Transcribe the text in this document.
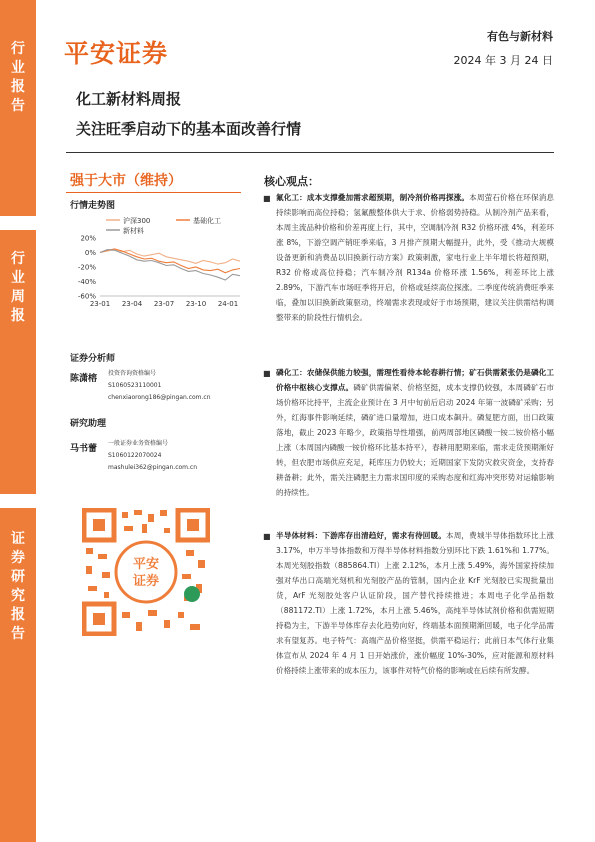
行
业
报
告
行
业
周
报
证
券
研
究
报
告
平安证券
有色与新材料
2024 年 3 月 24 日
化工新材料周报
关注旺季启动下的基本面改善行情
强于大市（维持）
行情走势图
沪深300	基础化工
新材料
20%
0%
-20%
-40%
-60%
23-01 23-04 23-07 23-10 24-01
证券分析师
陈潇榕
投资咨询资格编号
S1060523110001
chenxiaorong186@pingan.com.cn
研究助理
马书蕾
一般证券业务资格编号
S1060122070024
mashulei362@pingan.com.cn
平安
证券
核心观点：
■ 氟化工：成本支撑叠加需求超预期，制冷剂价格再探涨。本周萤石价格在环保消息持续影响而高位持稳；氢氟酸整体供大于求、价格弱势持稳。从制冷剂产品来看，本周主流品种价格和价差再度上行，其中，空调制冷剂 R32 价格环涨 4%，利差环涨 8%，下游空调产销旺季来临，3 月排产预期大幅提升，此外，受《推动大规模设备更新和消费品以旧换新行动方案》政策刺激，家电行业上半年增长将超预期，R32 价格或高位持稳；汽车制冷剂 R134a 价格环涨 1.56%，利差环比上涨 2.89%，下游汽车市场旺季将开启，价格或延续高位探涨。二季度传统消费旺季来临，叠加以旧换新政策驱动，终端需求表现或好于市场预期，建议关注供需结构调整带来的阶段性行情机会。
■ 磷化工：农储保供能力较强，需理性看待本轮春耕行情；矿石供需紧张仍是磷化工价格中枢核心支撑点。磷矿供需偏紧、价格坚挺，成本支撑仍较强，本周磷矿石市场价格环比持平，主流企业预计在 3 月中旬前后启动 2024 年第一波磷矿采购；另外，红海事件影响延续，磷矿进口量增加，进口成本飙升。磷复肥方面，出口政策落地，截止 2023 年略少，政策指导性增强，前两周部地区磷酸一铵二铵价格小幅上涨（本周国内磷酸一铵价格环比基本持平），春耕用肥期来临，需求走货预期渐好转，但农肥市场供应充足，耗库压力仍较大；近期国家下发防灾救灾资金，支持春耕备耕；此外，需关注磷肥主力需求国印度的采购态度和红海冲突形势对运输影响的持续性。
■ 半导体材料：下游库存出清趋好，需求有待回暖。本周，费城半导体指数环比上涨 3.17%，申万半导体指数和万得半导体材料指数分别环比下跌 1.61%和 1.77%。本周光刻胶指数（885864.TI）上涨 2.12%，本月上涨 5.49%，海外国家持续加强对华出口高端光刻机和光刻胶产品的管制，国内企业 KrF 光刻胶已实现批量出货，ArF 光刻胶处客户认证阶段，国产替代持续推进；本周电子化学品指数（881172.TI）上涨 1.72%，本月上涨 5.46%，高纯半导体试剂价格和供需短期持稳为主，下游半导体库存去化趋势向好，终端基本面预期渐回暖，电子化学品需求有望复苏。电子特气：高端产品价格坚挺，供需平稳运行；此前日本气体行业集体宣布从 2024 年 4 月 1 日开始涨价，涨价幅度 10%-30%，应对能源和原材料价格持续上涨带来的成本压力，该事件对特气价格的影响或在后续有所发酵。
